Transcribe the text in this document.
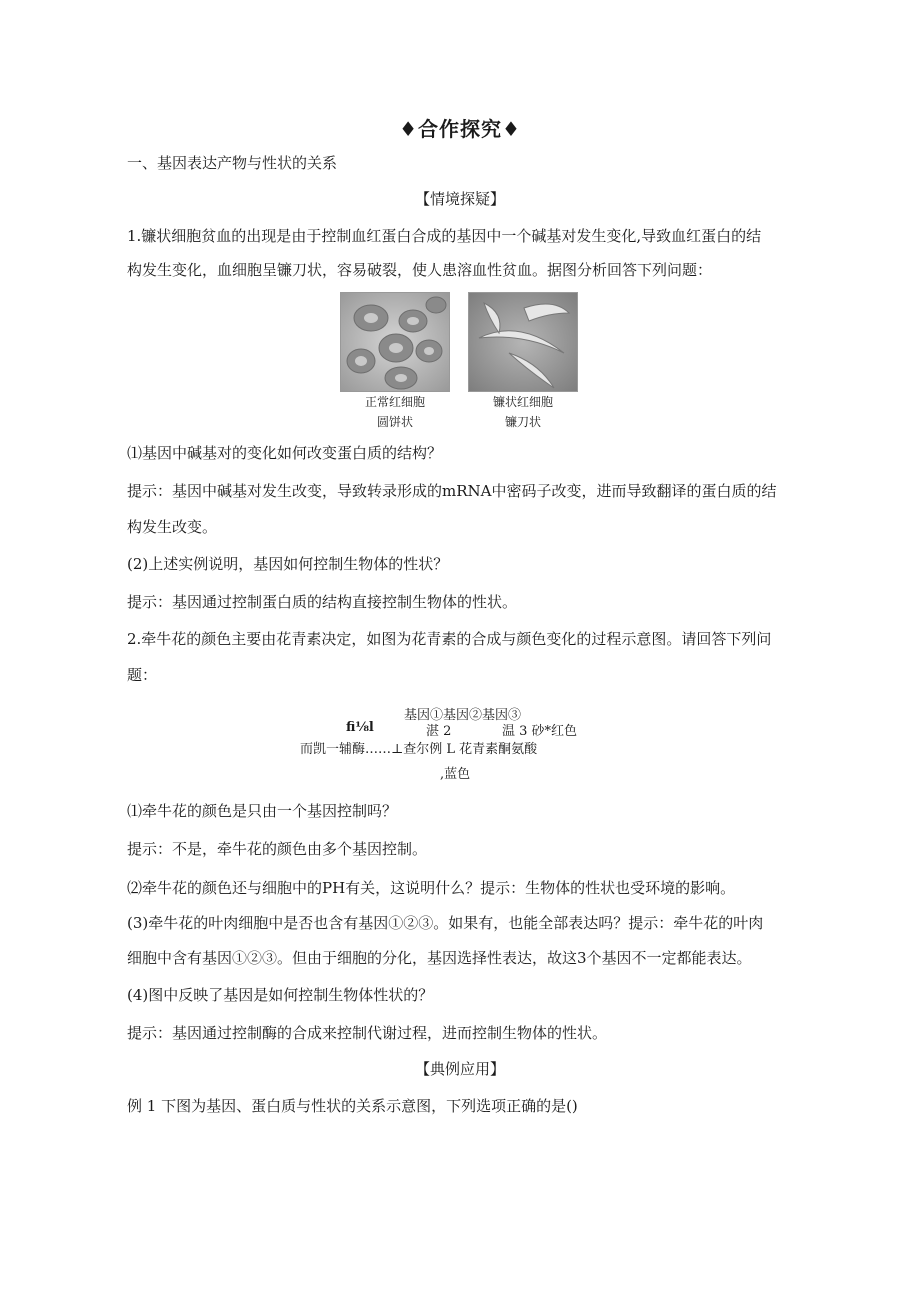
♦合作探究♦
一、基因表达产物与性状的关系
【情境探疑】
1.镰状细胞贫血的出现是由于控制血红蛋白合成的基因中一个碱基对发生变化,导致血红蛋白的结
构发生变化，血细胞呈镰刀状，容易破裂，使人患溶血性贫血。据图分析回答下列问题：
正常红细胞
圆饼状
镰状红细胞
镰刀状
⑴基因中碱基对的变化如何改变蛋白质的结构？
提示：基因中碱基对发生改变，导致转录形成的mRNA中密码子改变，进而导致翻译的蛋白质的结
构发生改变。
(2)上述实例说明，基因如何控制生物体的性状？
提示：基因通过控制蛋白质的结构直接控制生物体的性状。
2.牵牛花的颜色主要由花青素决定，如图为花青素的合成与颜色变化的过程示意图。请回答下列问
题：
基因①基因②基因③
fi⅛l	湛 2	温 3 砂*红色
而凯一辅酶……⊥查尔例 L 花青素酮氨酸
,蓝色
⑴牵牛花的颜色是只由一个基因控制吗？
提示：不是，牵牛花的颜色由多个基因控制。
⑵牵牛花的颜色还与细胞中的PH有关，这说明什么？提示：生物体的性状也受环境的影响。
(3)牵牛花的叶肉细胞中是否也含有基因①②③。如果有，也能全部表达吗？提示：牵牛花的叶肉
细胞中含有基因①②③。但由于细胞的分化，基因选择性表达，故这3个基因不一定都能表达。
(4)图中反映了基因是如何控制生物体性状的？
提示：基因通过控制酶的合成来控制代谢过程，进而控制生物体的性状。
【典例应用】
例 1 下图为基因、蛋白质与性状的关系示意图，下列选项正确的是()
